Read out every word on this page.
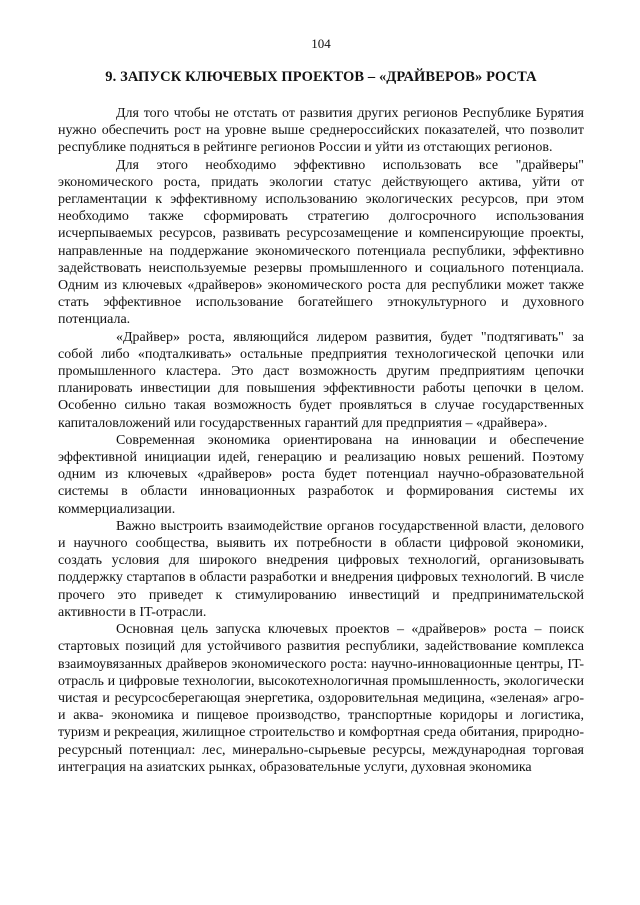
104
9. ЗАПУСК КЛЮЧЕВЫХ ПРОЕКТОВ – «ДРАЙВЕРОВ» РОСТА

Для того чтобы не отстать от развития других регионов Республике Бурятия нужно обеспечить рост на уровне выше среднероссийских показателей, что позволит республике подняться в рейтинге регионов России и уйти из отстающих регионов.

Для этого необходимо эффективно использовать все "драйверы" экономического роста, придать экологии статус действующего актива, уйти от регламентации к эффективному использованию экологических ресурсов, при этом необходимо также сформировать стратегию долгосрочного использования исчерпываемых ресурсов, развивать ресурсозамещение и компенсирующие проекты, направленные на поддержание экономического потенциала республики, эффективно задействовать неиспользуемые резервы промышленного и социального потенциала. Одним из ключевых «драйверов» экономического роста для республики может также стать эффективное использование богатейшего этнокультурного и духовного потенциала.

«Драйвер» роста, являющийся лидером развития, будет "подтягивать" за собой либо «подталкивать» остальные предприятия технологической цепочки или промышленного кластера. Это даст возможность другим предприятиям цепочки планировать инвестиции для повышения эффективности работы цепочки в целом. Особенно сильно такая возможность будет проявляться в случае государственных капиталовложений или государственных гарантий для предприятия – «драйвера».

Современная экономика ориентирована на инновации и обеспечение эффективной инициации идей, генерацию и реализацию новых решений. Поэтому одним из ключевых «драйверов» роста будет потенциал научно-образовательной системы в области инновационных разработок и формирования системы их коммерциализации.

Важно выстроить взаимодействие органов государственной власти, делового и научного сообщества, выявить их потребности в области цифровой экономики, создать условия для широкого внедрения цифровых технологий, организовывать поддержку стартапов в области разработки и внедрения цифровых технологий. В числе прочего это приведет к стимулированию инвестиций и предпринимательской активности в IT-отрасли.

Основная цель запуска ключевых проектов – «драйверов» роста – поиск стартовых позиций для устойчивого развития республики, задействование комплекса взаимоувязанных драйверов экономического роста: научно-инновационные центры, IT-отрасль и цифровые технологии, высокотехнологичная промышленность, экологически чистая и ресурсосберегающая энергетика, оздоровительная медицина, «зеленая» агро- и аква- экономика и пищевое производство, транспортные коридоры и логистика, туризм и рекреация, жилищное строительство и комфортная среда обитания, природно-ресурсный потенциал: лес, минерально-сырьевые ресурсы, международная торговая интеграция на азиатских рынках, образовательные услуги, духовная экономика
